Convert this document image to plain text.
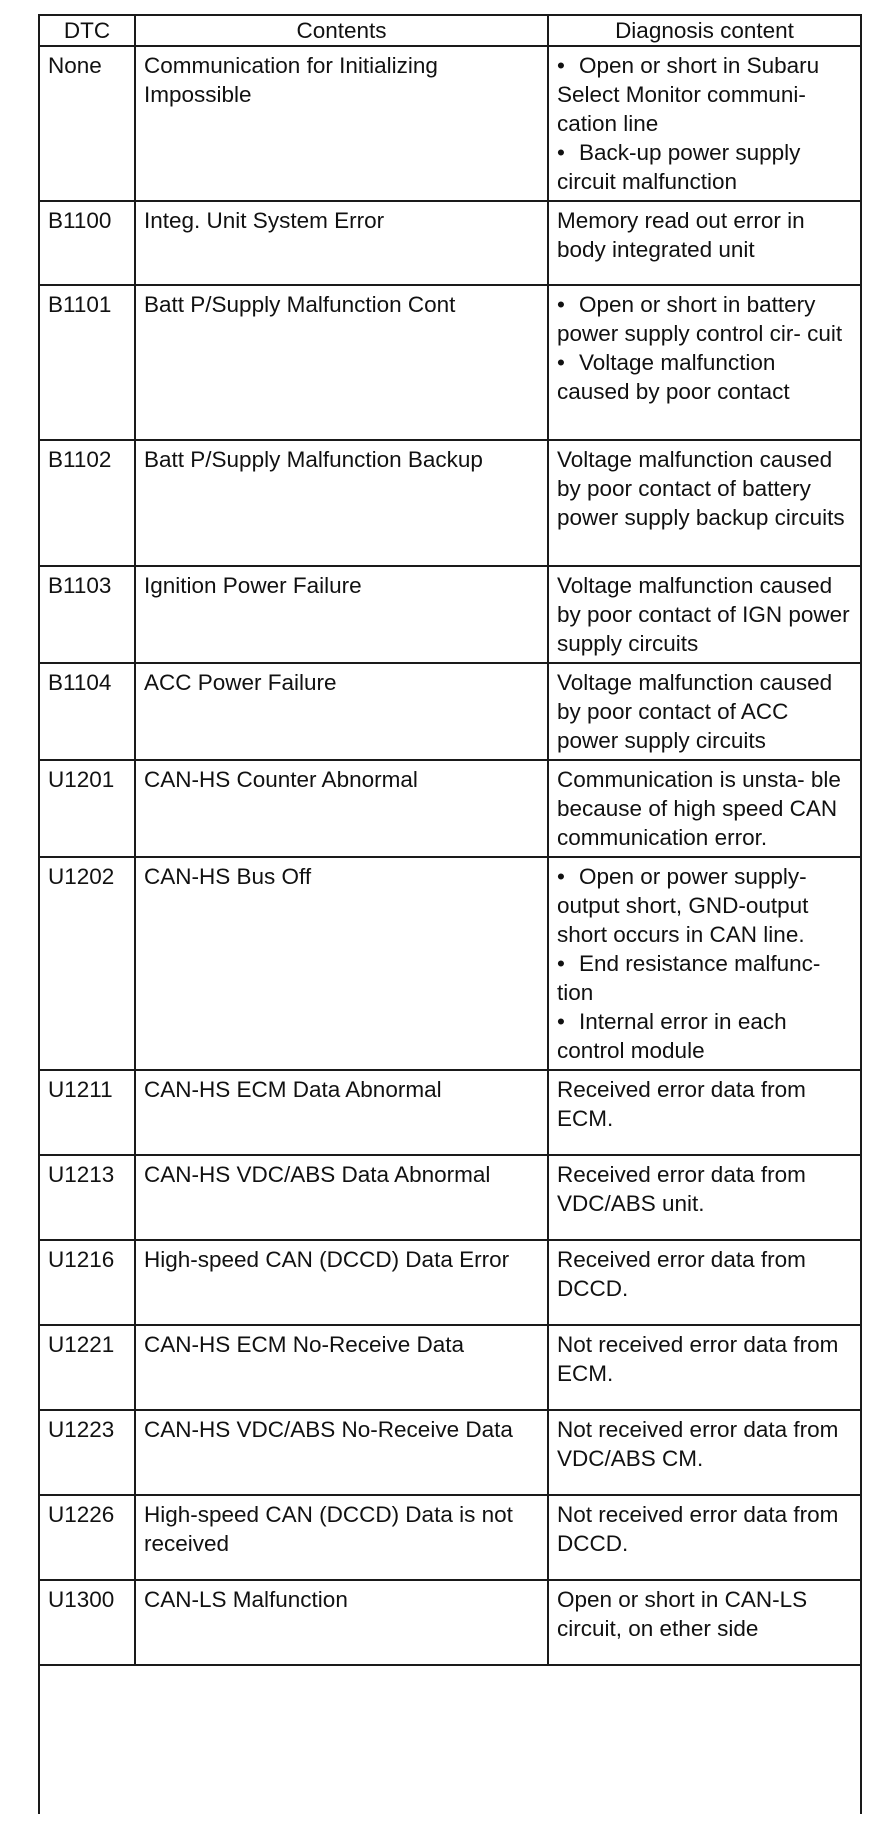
DTC	Contents	Diagnosis content
None	Communication for Initializing Impossible	• Open or short in Subaru Select Monitor communi- cation line
• Back-up power supply circuit malfunction

B1100	Integ. Unit System Error	Memory read out error in body integrated unit

B1101	Batt P/Supply Malfunction Cont	• Open or short in battery power supply control cir- cuit
• Voltage malfunction caused by poor contact

B1102	Batt P/Supply Malfunction Backup	Voltage malfunction caused by poor contact of battery power supply backup circuits

B1103	Ignition Power Failure	Voltage malfunction caused by poor contact of IGN power supply circuits

B1104	ACC Power Failure	Voltage malfunction caused by poor contact of ACC power supply circuits

U1201	CAN-HS Counter Abnormal	Communication is unsta- ble because of high speed CAN communication error.

U1202	CAN-HS Bus Off	• Open or power supply- output short, GND-output short occurs in CAN line.
• End resistance malfunc- tion
• Internal error in each control module

U1211	CAN-HS ECM Data Abnormal	Received error data from ECM.

U1213	CAN-HS VDC/ABS Data Abnormal	Received error data from VDC/ABS unit.

U1216	High-speed CAN (DCCD) Data Error	Received error data from DCCD.

U1221	CAN-HS ECM No-Receive Data	Not received error data from ECM.

U1223	CAN-HS VDC/ABS No-Receive Data	Not received error data from VDC/ABS CM.

U1226	High-speed CAN (DCCD) Data is not received	Not received error data from DCCD.

U1300	CAN-LS Malfunction	Open or short in CAN-LS circuit, on ether side
